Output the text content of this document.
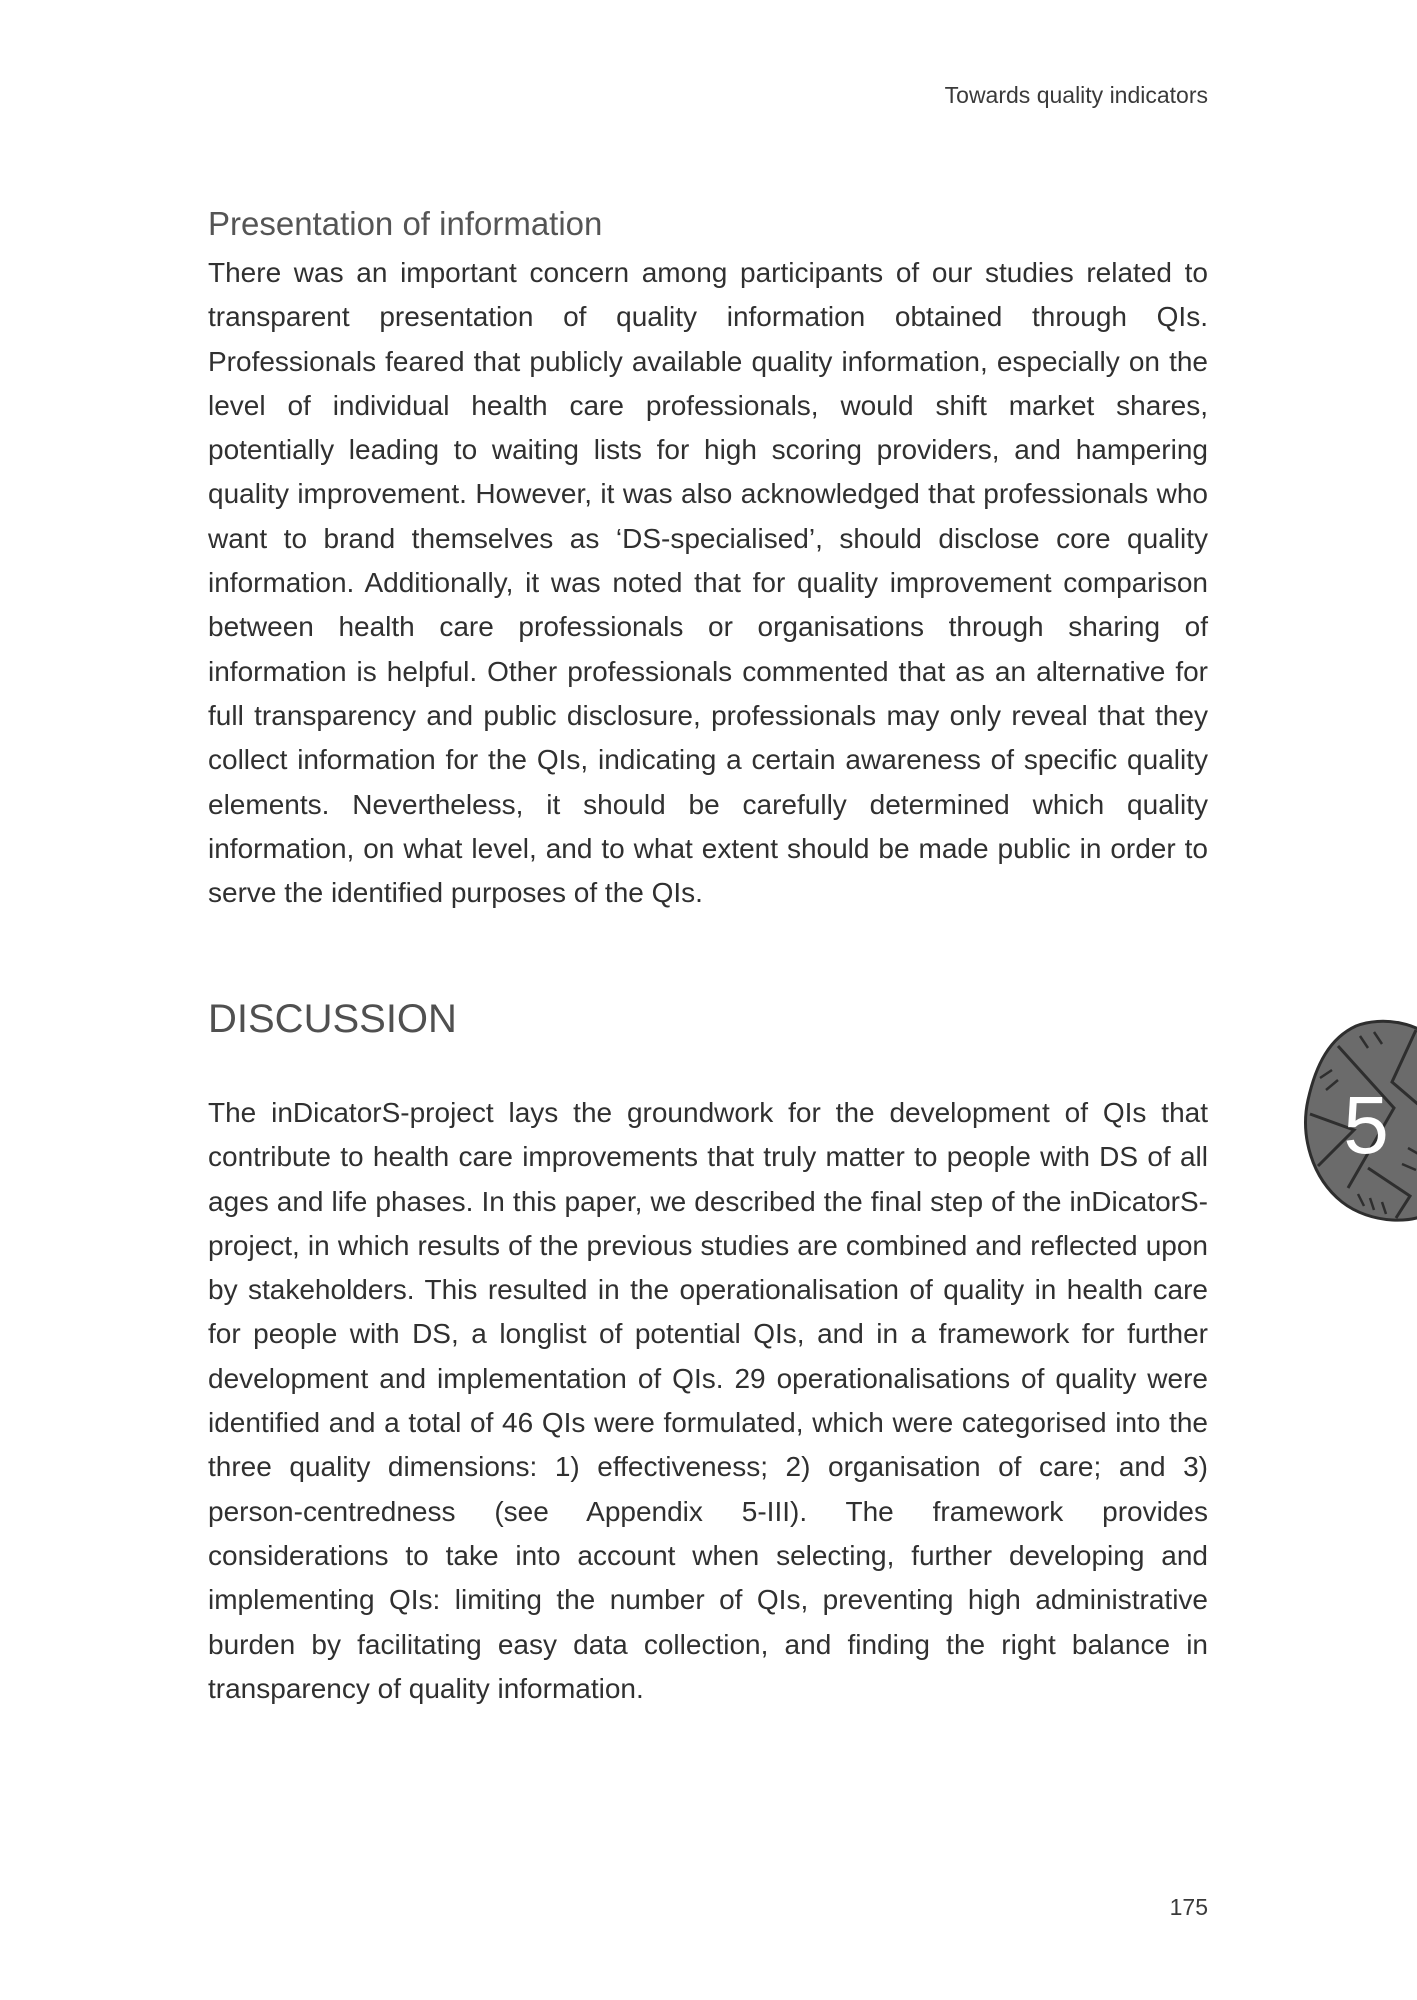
Towards quality indicators
Presentation of information

There was an important concern among participants of our studies related to transparent presentation of quality information obtained through QIs. Professionals feared that publicly available quality information, especially on the level of individual health care professionals, would shift market shares, potentially leading to waiting lists for high scoring providers, and hampering quality improvement. However, it was also acknowledged that professionals who want to brand themselves as ‘DS-specialised’, should disclose core quality information. Additionally, it was noted that for quality improvement comparison between health care professionals or organisations through sharing of information is helpful. Other professionals commented that as an alternative for full transparency and public disclosure, professionals may only reveal that they collect information for the QIs, indicating a certain awareness of specific quality elements. Nevertheless, it should be carefully determined which quality information, on what level, and to what extent should be made public in order to serve the identified purposes of the QIs.

DISCUSSION

The inDicatorS-project lays the groundwork for the development of QIs that contribute to health care improvements that truly matter to people with DS of all ages and life phases. In this paper, we described the final step of the inDicatorS-project, in which results of the previous studies are combined and reflected upon by stakeholders. This resulted in the operationalisation of quality in health care for people with DS, a longlist of potential QIs, and in a framework for further development and implementation of QIs. 29 operationalisations of quality were identified and a total of 46 QIs were formulated, which were categorised into the three quality dimensions: 1) effectiveness; 2) organisation of care; and 3) person-centredness (see Appendix 5-III). The framework provides considerations to take into account when selecting, further developing and implementing QIs: limiting the number of QIs, preventing high administrative burden by facilitating easy data collection, and finding the right balance in transparency of quality information.

5
175
